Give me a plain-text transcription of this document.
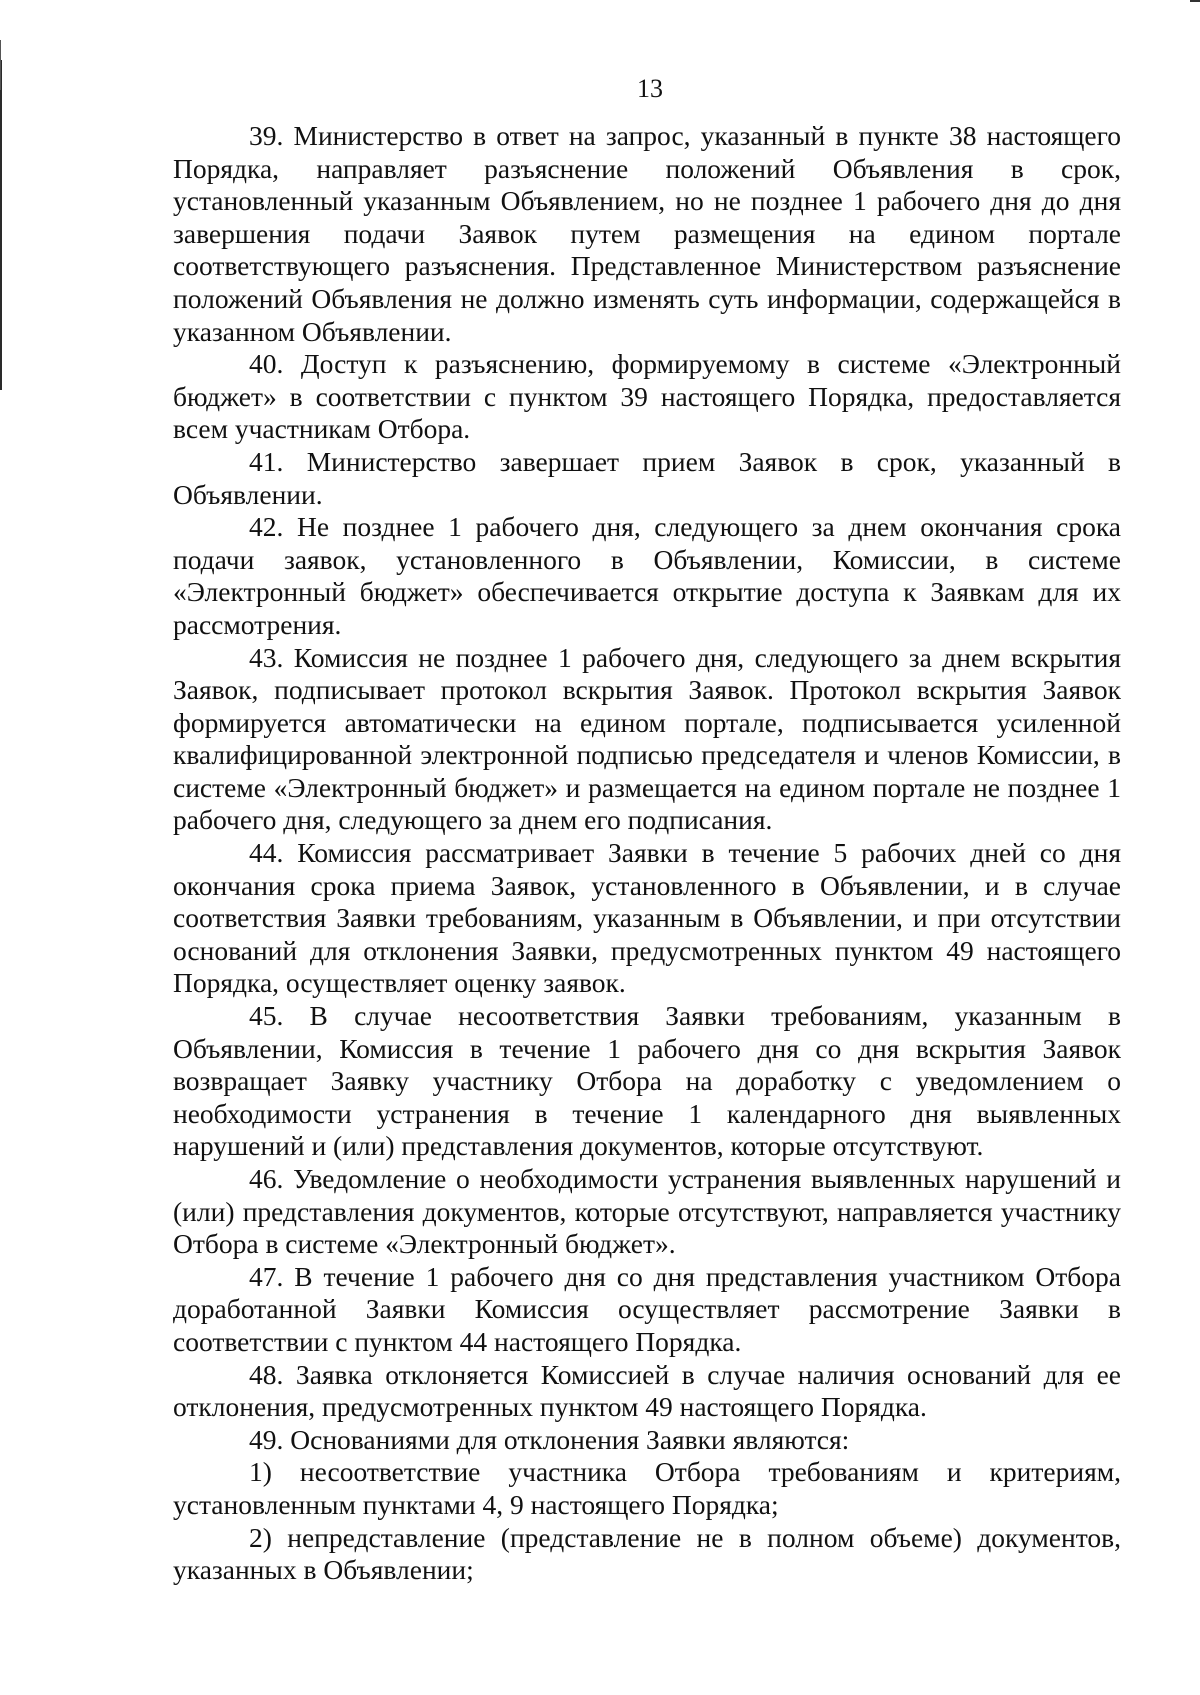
13

39. Министерство в ответ на запрос, указанный в пункте 38 настоящего Порядка, направляет разъяснение положений Объявления в срок, установленный указанным Объявлением, но не позднее 1 рабочего дня до дня завершения подачи Заявок путем размещения на едином портале соответствующего разъяснения. Представленное Министерством разъяснение положений Объявления не должно изменять суть информации, содержащейся в указанном Объявлении.

40. Доступ к разъяснению, формируемому в системе «Электронный бюджет» в соответствии с пунктом 39 настоящего Порядка, предоставляется всем участникам Отбора.

41. Министерство завершает прием Заявок в срок, указанный в Объявлении.

42. Не позднее 1 рабочего дня, следующего за днем окончания срока подачи заявок, установленного в Объявлении, Комиссии, в системе «Электронный бюджет» обеспечивается открытие доступа к Заявкам для их рассмотрения.

43. Комиссия не позднее 1 рабочего дня, следующего за днем вскрытия Заявок, подписывает протокол вскрытия Заявок. Протокол вскрытия Заявок формируется автоматически на едином портале, подписывается усиленной квалифицированной электронной подписью председателя и членов Комиссии, в системе «Электронный бюджет» и размещается на едином портале не позднее 1 рабочего дня, следующего за днем его подписания.

44. Комиссия рассматривает Заявки в течение 5 рабочих дней со дня окончания срока приема Заявок, установленного в Объявлении, и в случае соответствия Заявки требованиям, указанным в Объявлении, и при отсутствии оснований для отклонения Заявки, предусмотренных пунктом 49 настоящего Порядка, осуществляет оценку заявок.

45. В случае несоответствия Заявки требованиям, указанным в Объявлении, Комиссия в течение 1 рабочего дня со дня вскрытия Заявок возвращает Заявку участнику Отбора на доработку с уведомлением о необходимости устранения в течение 1 календарного дня выявленных нарушений и (или) представления документов, которые отсутствуют.

46. Уведомление о необходимости устранения выявленных нарушений и (или) представления документов, которые отсутствуют, направляется участнику Отбора в системе «Электронный бюджет».

47. В течение 1 рабочего дня со дня представления участником Отбора доработанной Заявки Комиссия осуществляет рассмотрение Заявки в соответствии с пунктом 44 настоящего Порядка.

48. Заявка отклоняется Комиссией в случае наличия оснований для ее отклонения, предусмотренных пунктом 49 настоящего Порядка.

49. Основаниями для отклонения Заявки являются:

1) несоответствие участника Отбора требованиям и критериям, установленным пунктами 4, 9 настоящего Порядка;

2) непредставление (представление не в полном объеме) документов, указанных в Объявлении;
